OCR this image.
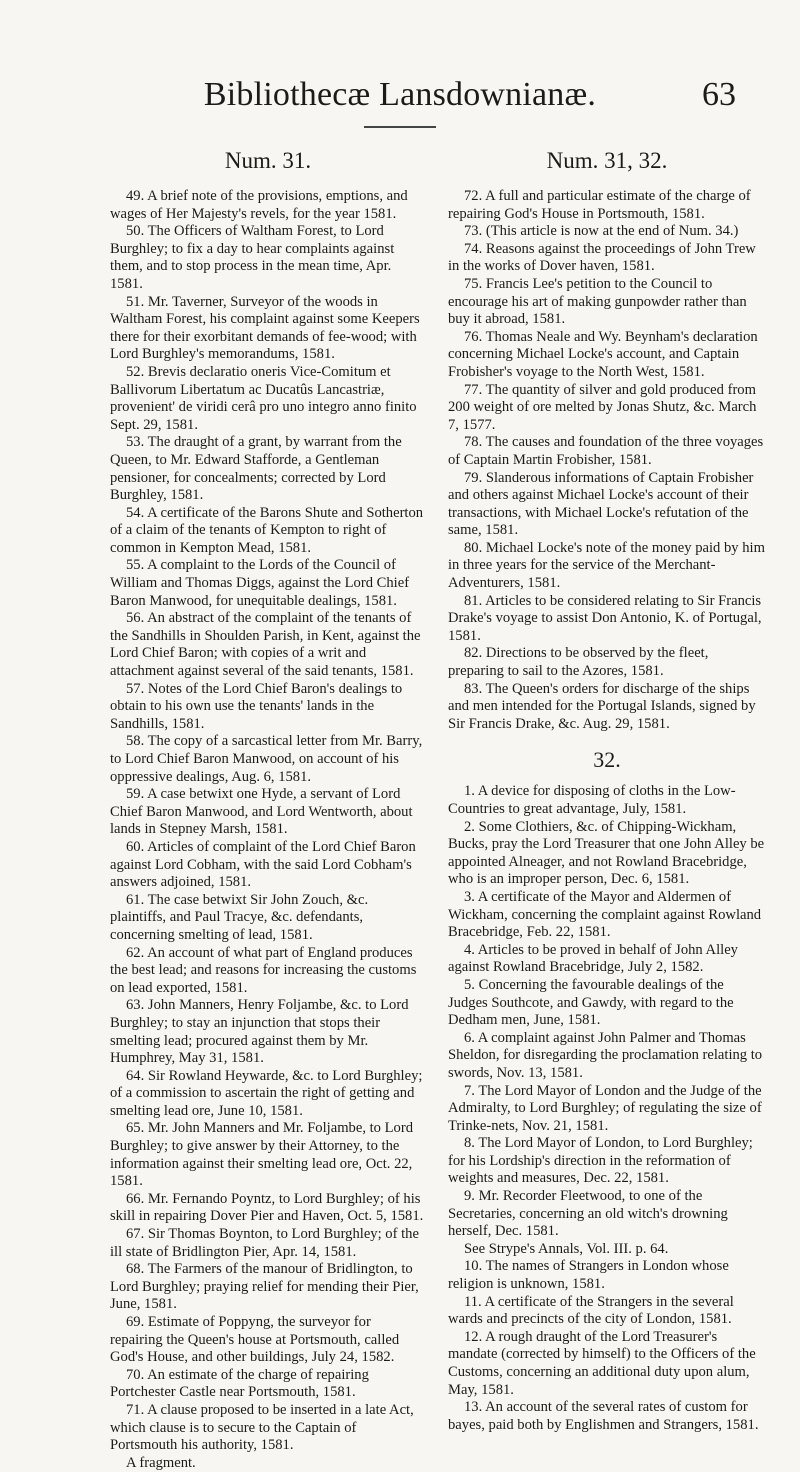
Bibliothecæ Lansdownianæ.	63
Num. 31.

49. A brief note of the provisions, emptions, and wages of Her Majesty's revels, for the year 1581.

50. The Officers of Waltham Forest, to Lord Burghley; to fix a day to hear complaints against them, and to stop process in the mean time, Apr. 1581.

51. Mr. Taverner, Surveyor of the woods in Waltham Forest, his complaint against some Keepers there for their exorbitant demands of fee-wood; with Lord Burghley's memorandums, 1581.

52. Brevis declaratio oneris Vice-Comitum et Ballivorum Libertatum ac Ducatûs Lancastriæ, provenient' de viridi cerâ pro uno integro anno finito Sept. 29, 1581.

53. The draught of a grant, by warrant from the Queen, to Mr. Edward Stafforde, a Gentleman pensioner, for concealments; corrected by Lord Burghley, 1581.

54. A certificate of the Barons Shute and Sotherton of a claim of the tenants of Kempton to right of common in Kempton Mead, 1581.

55. A complaint to the Lords of the Council of William and Thomas Diggs, against the Lord Chief Baron Manwood, for unequitable dealings, 1581.

56. An abstract of the complaint of the tenants of the Sandhills in Shoulden Parish, in Kent, against the Lord Chief Baron; with copies of a writ and attachment against several of the said tenants, 1581.

57. Notes of the Lord Chief Baron's dealings to obtain to his own use the tenants' lands in the Sandhills, 1581.

58. The copy of a sarcastical letter from Mr. Barry, to Lord Chief Baron Manwood, on account of his oppressive dealings, Aug. 6, 1581.

59. A case betwixt one Hyde, a servant of Lord Chief Baron Manwood, and Lord Wentworth, about lands in Stepney Marsh, 1581.

60. Articles of complaint of the Lord Chief Baron against Lord Cobham, with the said Lord Cobham's answers adjoined, 1581.

61. The case betwixt Sir John Zouch, &c. plaintiffs, and Paul Tracye, &c. defendants, concerning smelting of lead, 1581.

62. An account of what part of England produces the best lead; and reasons for increasing the customs on lead exported, 1581.

63. John Manners, Henry Foljambe, &c. to Lord Burghley; to stay an injunction that stops their smelting lead; procured against them by Mr. Humphrey, May 31, 1581.

64. Sir Rowland Heywarde, &c. to Lord Burghley; of a commission to ascertain the right of getting and smelting lead ore, June 10, 1581.

65. Mr. John Manners and Mr. Foljambe, to Lord Burghley; to give answer by their Attorney, to the information against their smelting lead ore, Oct. 22, 1581.

66. Mr. Fernando Poyntz, to Lord Burghley; of his skill in repairing Dover Pier and Haven, Oct. 5, 1581.

67. Sir Thomas Boynton, to Lord Burghley; of the ill state of Bridlington Pier, Apr. 14, 1581.

68. The Farmers of the manour of Bridlington, to Lord Burghley; praying relief for mending their Pier, June, 1581.

69. Estimate of Poppyng, the surveyor for repairing the Queen's house at Portsmouth, called God's House, and other buildings, July 24, 1582.

70. An estimate of the charge of repairing Portchester Castle near Portsmouth, 1581.

71. A clause proposed to be inserted in a late Act, which clause is to secure to the Captain of Portsmouth his authority, 1581.

A fragment.

Num. 31, 32.

72. A full and particular estimate of the charge of repairing God's House in Portsmouth, 1581.

73. (This article is now at the end of Num. 34.)

74. Reasons against the proceedings of John Trew in the works of Dover haven, 1581.

75. Francis Lee's petition to the Council to encourage his art of making gunpowder rather than buy it abroad, 1581.

76. Thomas Neale and Wy. Beynham's declaration concerning Michael Locke's account, and Captain Frobisher's voyage to the North West, 1581.

77. The quantity of silver and gold produced from 200 weight of ore melted by Jonas Shutz, &c. March 7, 1577.

78. The causes and foundation of the three voyages of Captain Martin Frobisher, 1581.

79. Slanderous informations of Captain Frobisher and others against Michael Locke's account of their transactions, with Michael Locke's refutation of the same, 1581.

80. Michael Locke's note of the money paid by him in three years for the service of the Merchant-Adventurers, 1581.

81. Articles to be considered relating to Sir Francis Drake's voyage to assist Don Antonio, K. of Portugal, 1581.

82. Directions to be observed by the fleet, preparing to sail to the Azores, 1581.

83. The Queen's orders for discharge of the ships and men intended for the Portugal Islands, signed by Sir Francis Drake, &c. Aug. 29, 1581.

32.

1. A device for disposing of cloths in the Low-Countries to great advantage, July, 1581.

2. Some Clothiers, &c. of Chipping-Wickham, Bucks, pray the Lord Treasurer that one John Alley be appointed Alneager, and not Rowland Bracebridge, who is an improper person, Dec. 6, 1581.

3. A certificate of the Mayor and Aldermen of Wickham, concerning the complaint against Rowland Bracebridge, Feb. 22, 1581.

4. Articles to be proved in behalf of John Alley against Rowland Bracebridge, July 2, 1582.

5. Concerning the favourable dealings of the Judges Southcote, and Gawdy, with regard to the Dedham men, June, 1581.

6. A complaint against John Palmer and Thomas Sheldon, for disregarding the proclamation relating to swords, Nov. 13, 1581.

7. The Lord Mayor of London and the Judge of the Admiralty, to Lord Burghley; of regulating the size of Trinke-nets, Nov. 21, 1581.

8. The Lord Mayor of London, to Lord Burghley; for his Lordship's direction in the reformation of weights and measures, Dec. 22, 1581.

9. Mr. Recorder Fleetwood, to one of the Secretaries, concerning an old witch's drowning herself, Dec. 1581.

See Strype's Annals, Vol. III. p. 64.

10. The names of Strangers in London whose religion is unknown, 1581.

11. A certificate of the Strangers in the several wards and precincts of the city of London, 1581.

12. A rough draught of the Lord Treasurer's mandate (corrected by himself) to the Officers of the Customs, concerning an additional duty upon alum, May, 1581.

13. An account of the several rates of custom for bayes, paid both by Englishmen and Strangers, 1581.
